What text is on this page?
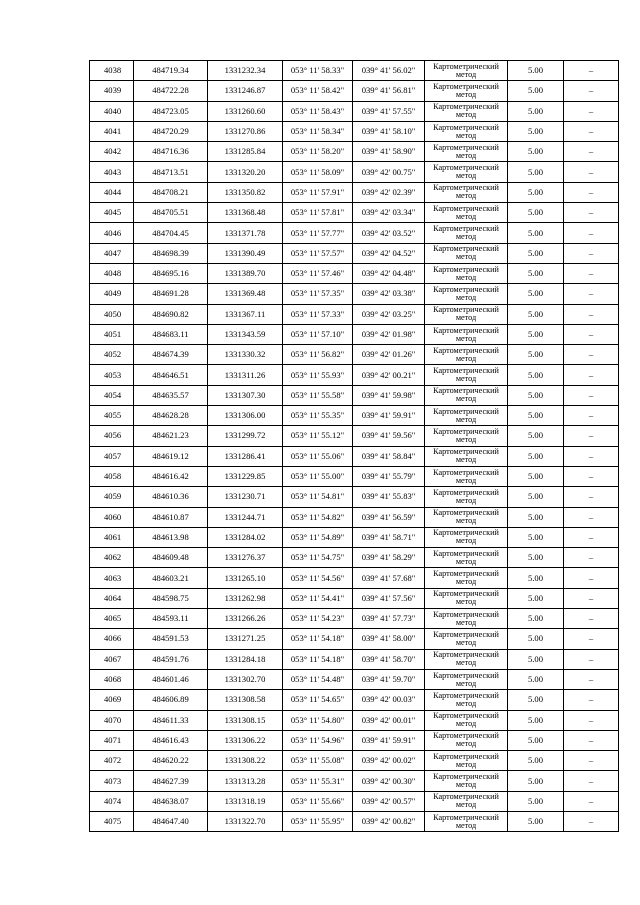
4038	484719.34	1331232.34	053° 11' 58.33"	039° 41' 56.02"	Картометрический метод	5.00	–
4039	484722.28	1331246.87	053° 11' 58.42"	039° 41' 56.81"	Картометрический метод	5.00	–
4040	484723.05	1331260.60	053° 11' 58.43"	039° 41' 57.55"	Картометрический метод	5.00	–
4041	484720.29	1331270.86	053° 11' 58.34"	039° 41' 58.10"	Картометрический метод	5.00	–
4042	484716.36	1331285.84	053° 11' 58.20"	039° 41' 58.90"	Картометрический метод	5.00	–
4043	484713.51	1331320.20	053° 11' 58.09"	039° 42' 00.75"	Картометрический метод	5.00	–
4044	484708.21	1331350.82	053° 11' 57.91"	039° 42' 02.39"	Картометрический метод	5.00	–
4045	484705.51	1331368.48	053° 11' 57.81"	039° 42' 03.34"	Картометрический метод	5.00	–
4046	484704.45	1331371.78	053° 11' 57.77"	039° 42' 03.52"	Картометрический метод	5.00	–
4047	484698.39	1331390.49	053° 11' 57.57"	039° 42' 04.52"	Картометрический метод	5.00	–
4048	484695.16	1331389.70	053° 11' 57.46"	039° 42' 04.48"	Картометрический метод	5.00	–
4049	484691.28	1331369.48	053° 11' 57.35"	039° 42' 03.38"	Картометрический метод	5.00	–
4050	484690.82	1331367.11	053° 11' 57.33"	039° 42' 03.25"	Картометрический метод	5.00	–
4051	484683.11	1331343.59	053° 11' 57.10"	039° 42' 01.98"	Картометрический метод	5.00	–
4052	484674.39	1331330.32	053° 11' 56.82"	039° 42' 01.26"	Картометрический метод	5.00	–
4053	484646.51	1331311.26	053° 11' 55.93"	039° 42' 00.21"	Картометрический метод	5.00	–
4054	484635.57	1331307.30	053° 11' 55.58"	039° 41' 59.98"	Картометрический метод	5.00	–
4055	484628.28	1331306.00	053° 11' 55.35"	039° 41' 59.91"	Картометрический метод	5.00	–
4056	484621.23	1331299.72	053° 11' 55.12"	039° 41' 59.56"	Картометрический метод	5.00	–
4057	484619.12	1331286.41	053° 11' 55.06"	039° 41' 58.84"	Картометрический метод	5.00	–
4058	484616.42	1331229.85	053° 11' 55.00"	039° 41' 55.79"	Картометрический метод	5.00	–
4059	484610.36	1331230.71	053° 11' 54.81"	039° 41' 55.83"	Картометрический метод	5.00	–
4060	484610.87	1331244.71	053° 11' 54.82"	039° 41' 56.59"	Картометрический метод	5.00	–
4061	484613.98	1331284.02	053° 11' 54.89"	039° 41' 58.71"	Картометрический метод	5.00	–
4062	484609.48	1331276.37	053° 11' 54.75"	039° 41' 58.29"	Картометрический метод	5.00	–
4063	484603.21	1331265.10	053° 11' 54.56"	039° 41' 57.68"	Картометрический метод	5.00	–
4064	484598.75	1331262.98	053° 11' 54.41"	039° 41' 57.56"	Картометрический метод	5.00	–
4065	484593.11	1331266.26	053° 11' 54.23"	039° 41' 57.73"	Картометрический метод	5.00	–
4066	484591.53	1331271.25	053° 11' 54.18"	039° 41' 58.00"	Картометрический метод	5.00	–
4067	484591.76	1331284.18	053° 11' 54.18"	039° 41' 58.70"	Картометрический метод	5.00	–
4068	484601.46	1331302.70	053° 11' 54.48"	039° 41' 59.70"	Картометрический метод	5.00	–
4069	484606.89	1331308.58	053° 11' 54.65"	039° 42' 00.03"	Картометрический метод	5.00	–
4070	484611.33	1331308.15	053° 11' 54.80"	039° 42' 00.01"	Картометрический метод	5.00	–
4071	484616.43	1331306.22	053° 11' 54.96"	039° 41' 59.91"	Картометрический метод	5.00	–
4072	484620.22	1331308.22	053° 11' 55.08"	039° 42' 00.02"	Картометрический метод	5.00	–
4073	484627.39	1331313.28	053° 11' 55.31"	039° 42' 00.30"	Картометрический метод	5.00	–
4074	484638.07	1331318.19	053° 11' 55.66"	039° 42' 00.57"	Картометрический метод	5.00	–
4075	484647.40	1331322.70	053° 11' 55.95"	039° 42' 00.82"	Картометрический метод	5.00	–
